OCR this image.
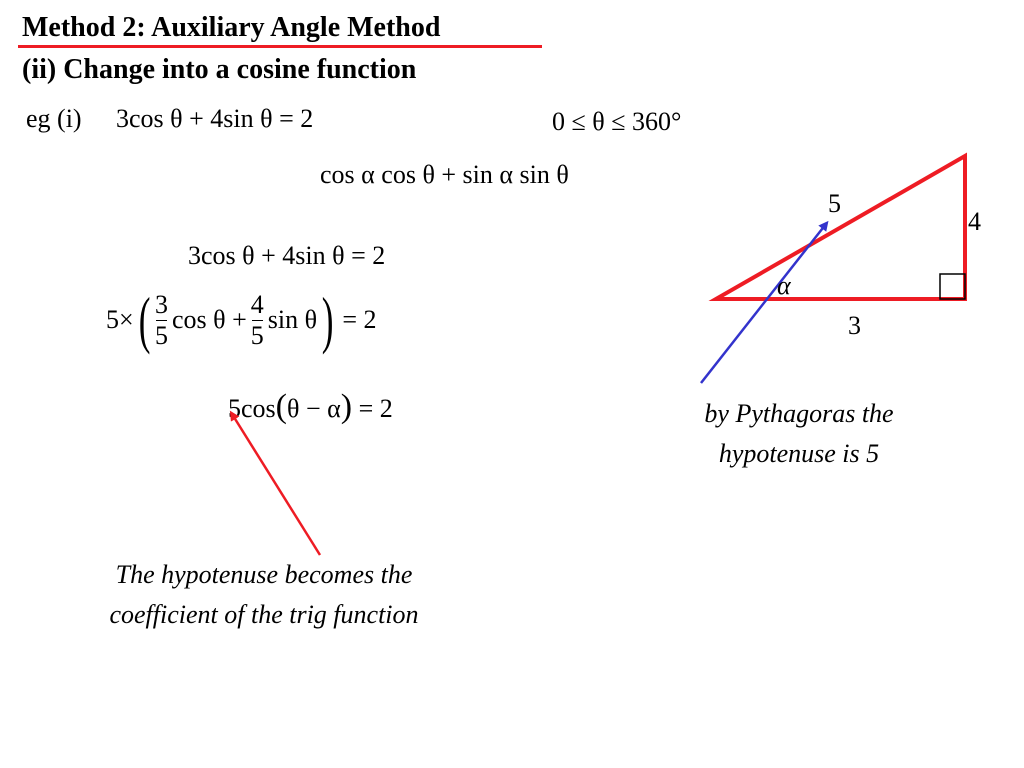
Method 2: Auxiliary Angle Method
(ii) Change into a cosine function
eg (i) 3cos θ + 4sin θ = 2	0 ≤ θ ≤ 360°
cos α cos θ + sin α sin θ
3cos θ + 4sin θ = 2
$5\times( \frac{3}{5}$ $\cos \theta + \frac{4}{5}$ sin θ) = 2
5cos(θ − α) = 2
5
4
3
α
by Pythagoras the
hypotenuse is 5
The hypotenuse becomes the
coefficient of the trig function
